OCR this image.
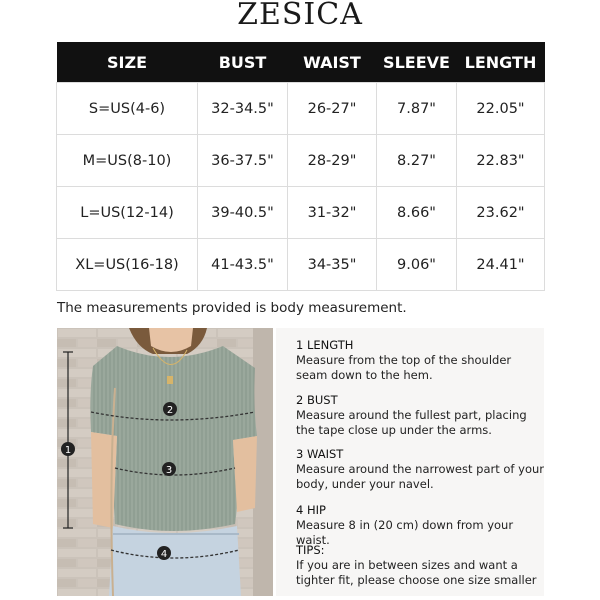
ZESICA
SIZE	BUST	WAIST	SLEEVE	LENGTH
S=US(4-6)	32-34.5"	26-27"	7.87"	22.05"
M=US(8-10)	36-37.5"	28-29"	8.27"	22.83"
L=US(12-14)	39-40.5"	31-32"	8.66"	23.62"
XL=US(16-18)	41-43.5"	34-35"	9.06"	24.41"
The measurements provided is body measurement.
1
2
3
4
1 LENGTH
Measure from the top of the shoulder seam down to the hem.
2 BUST
Measure around the fullest part, placing the tape close up under the arms.
3 WAIST
Measure around the narrowest part of your body, under your navel.
4 HIP
Measure 8 in (20 cm) down from your waist.
TIPS:
If you are in between sizes and want a tighter fit, please choose one size smaller
